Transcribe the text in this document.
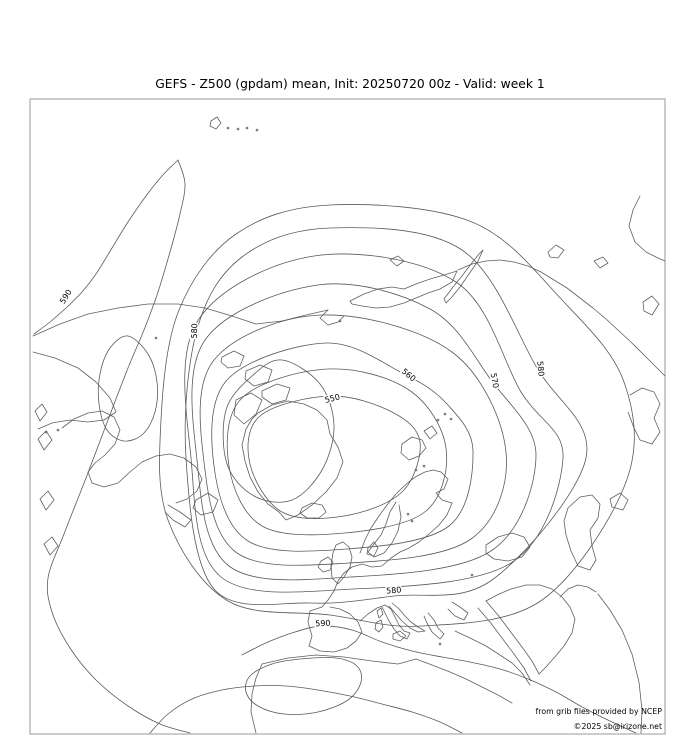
GEFS - Z500 (gpdam) mean, Init: 20250720 00z - Valid: week 1
590
580
550
560	570
580
580
590
from grib files provided by NCEP
©2025 sb@irizone.net
